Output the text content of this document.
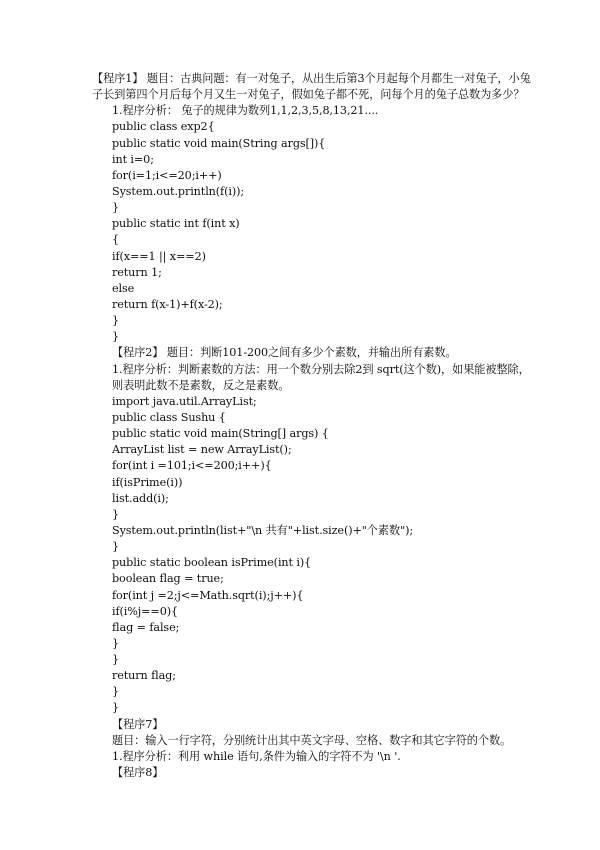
【程序1】 题目：古典问题：有一对兔子，从出生后第3个月起每个月都生一对兔子，小兔
子长到第四个月后每个月又生一对兔子，假如兔子都不死，问每个月的兔子总数为多少？
1.程序分析： 兔子的规律为数列1,1,2,3,5,8,13,21....
public class exp2{
public static void main(String args[]){
int i=0;
for(i=1;i<=20;i++)
System.out.println(f(i));
}
public static int f(int x)
{
if(x==1 || x==2)
return 1;
else
return f(x-1)+f(x-2);
}
}
【程序2】 题目：判断101-200之间有多少个素数，并输出所有素数。
1.程序分析：判断素数的方法：用一个数分别去除2到 sqrt(这个数)，如果能被整除，
则表明此数不是素数，反之是素数。
import java.util.ArrayList;
public class Sushu {
public static void main(String[] args) {
ArrayList list = new ArrayList();
for(int i =101;i<=200;i++){
if(isPrime(i))
list.add(i);
}
System.out.println(list+"\n 共有"+list.size()+"个素数");
}
public static boolean isPrime(int i){
boolean flag = true;
for(int j =2;j<=Math.sqrt(i);j++){
if(i%j==0){
flag = false;
}
}
return flag;
}
}
【程序7】
题目：输入一行字符，分别统计出其中英文字母、空格、数字和其它字符的个数。
1.程序分析：利用 while 语句,条件为输入的字符不为 '\n '.
【程序8】
